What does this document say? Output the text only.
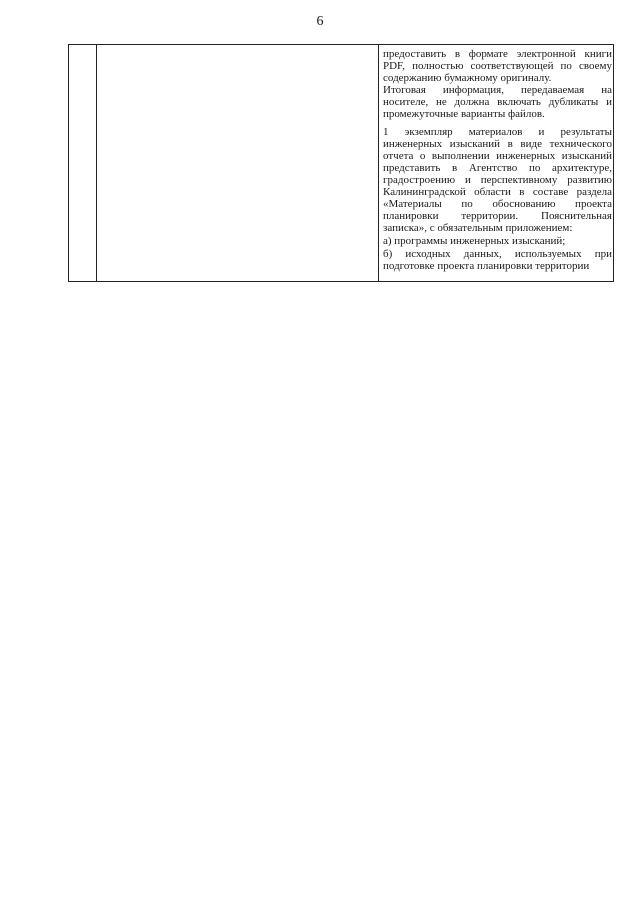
6

предоставить в формате электронной книги PDF, полностью соответствующей по своему содержанию бумажному оригиналу.

Итоговая информация, передаваемая на носителе, не должна включать дубликаты и промежуточные варианты файлов.

1 экземпляр материалов и результаты инженерных изысканий в виде технического отчета о выполнении инженерных изысканий представить в Агентство по архитектуре, градостроению и перспективному развитию Калининградской области в составе раздела «Материалы по обоснованию проекта планировки территории. Пояснительная записка», с обязательным приложением:

а) программы инженерных изысканий;

б) исходных данных, используемых при подготовке проекта планировки территории
